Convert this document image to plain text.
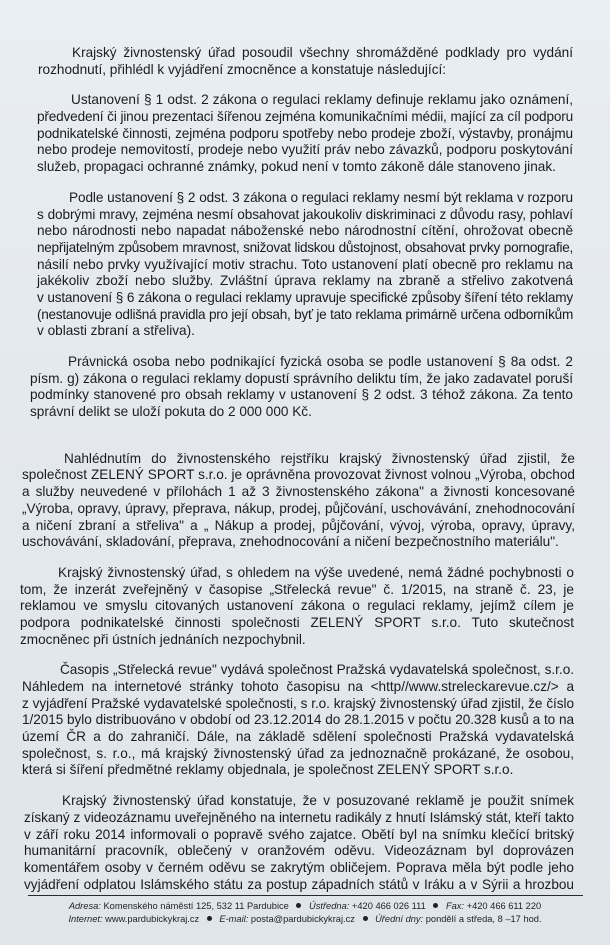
Krajský živnostenský úřad posoudil všechny shromážděné podklady pro vydání
rozhodnutí, přihlédl k vyjádření zmocněnce a konstatuje následující:
Ustanovení § 1 odst. 2 zákona o regulaci reklamy definuje reklamu jako oznámení,
předvedení či jinou prezentaci šířenou zejména komunikačními médii, mající za cíl podporu
podnikatelské činnosti, zejména podporu spotřeby nebo prodeje zboží, výstavby, pronájmu
nebo prodeje nemovitostí, prodeje nebo využití práv nebo závazků, podporu poskytování
služeb, propagaci ochranné známky, pokud není v tomto zákoně dále stanoveno jinak.
Podle ustanovení § 2 odst. 3 zákona o regulaci reklamy nesmí být reklama v rozporu
s dobrými mravy, zejména nesmí obsahovat jakoukoliv diskriminaci z důvodu rasy, pohlaví
nebo národnosti nebo napadat náboženské nebo národnostní cítění, ohrožovat obecně
nepřijatelným způsobem mravnost, snižovat lidskou důstojnost, obsahovat prvky pornografie,
násilí nebo prvky využívající motiv strachu. Toto ustanovení platí obecně pro reklamu na
jakékoliv zboží nebo služby. Zvláštní úprava reklamy na zbraně a střelivo zakotvená
v ustanovení § 6 zákona o regulaci reklamy upravuje specifické způsoby šíření této reklamy
(nestanovuje odlišná pravidla pro její obsah, byť je tato reklama primárně určena odborníkům
v oblasti zbraní a střeliva).
Právnická osoba nebo podnikající fyzická osoba se podle ustanovení § 8a odst. 2
písm. g) zákona o regulaci reklamy dopustí správního deliktu tím, že jako zadavatel poruší
podmínky stanovené pro obsah reklamy v ustanovení § 2 odst. 3 téhož zákona. Za tento
správní delikt se uloží pokuta do 2 000 000 Kč.
Nahlédnutím do živnostenského rejstříku krajský živnostenský úřad zjistil, že
společnost ZELENÝ SPORT s.r.o. je oprávněna provozovat živnost volnou „Výroba, obchod
a služby neuvedené v přílohách 1 až 3 živnostenského zákona" a živnosti koncesované
„Výroba, opravy, úpravy, přeprava, nákup, prodej, půjčování, uschovávání, znehodnocování
a ničení zbraní a střeliva" a „ Nákup a prodej, půjčování, vývoj, výroba, opravy, úpravy,
uschovávání, skladování, přeprava, znehodnocování a ničení bezpečnostního materiálu".
Krajský živnostenský úřad, s ohledem na výše uvedené, nemá žádné pochybnosti o
tom, že inzerát zveřejněný v časopise „Střelecká revue" č. 1/2015, na straně č. 23, je
reklamou ve smyslu citovaných ustanovení zákona o regulaci reklamy, jejímž cílem je
podpora podnikatelské činnosti společnosti ZELENÝ SPORT s.r.o. Tuto skutečnost
zmocněnec při ústních jednáních nezpochybnil.
Časopis „Střelecká revue" vydává společnost Pražská vydavatelská společnost, s.r.o.
Náhledem na internetové stránky tohoto časopisu na <http//www.streleckarevue.cz/> a
z vyjádření Pražské vydavatelské společnosti, s r.o. krajský živnostenský úřad zjistil, že číslo
1/2015 bylo distribuováno v období od 23.12.2014 do 28.1.2015 v počtu 20.328 kusů a to na
území ČR a do zahraničí. Dále, na základě sdělení společnosti Pražská vydavatelská
společnost, s. r.o., má krajský živnostenský úřad za jednoznačně prokázané, že osobou,
která si šíření předmětné reklamy objednala, je společnost ZELENÝ SPORT s.r.o.
Krajský živnostenský úřad konstatuje, že v posuzované reklamě je použit snímek
získaný z videozáznamu uveřejněného na internetu radikály z hnutí Islámský stát, kteří takto
v září roku 2014 informovali o popravě svého zajatce. Obětí byl na snímku klečící britský
humanitární pracovník, oblečený v oranžovém oděvu. Videozáznam byl doprovázen
komentářem osoby v černém oděvu se zakrytým obličejem. Poprava měla být podle jeho
vyjádření odplatou Islámského státu za postup západních států v Iráku a v Sýrii a hrozbou
Adresa: Komenského náměstí 125, 532 11 Pardubice Ústředna: +420 466 026 111 Fax: +420 466 611 220
Internet: www.pardubickykraj.cz E-mail: posta@pardubickykraj.cz Úřední dny: pondělí a středa, 8 –17 hod.
